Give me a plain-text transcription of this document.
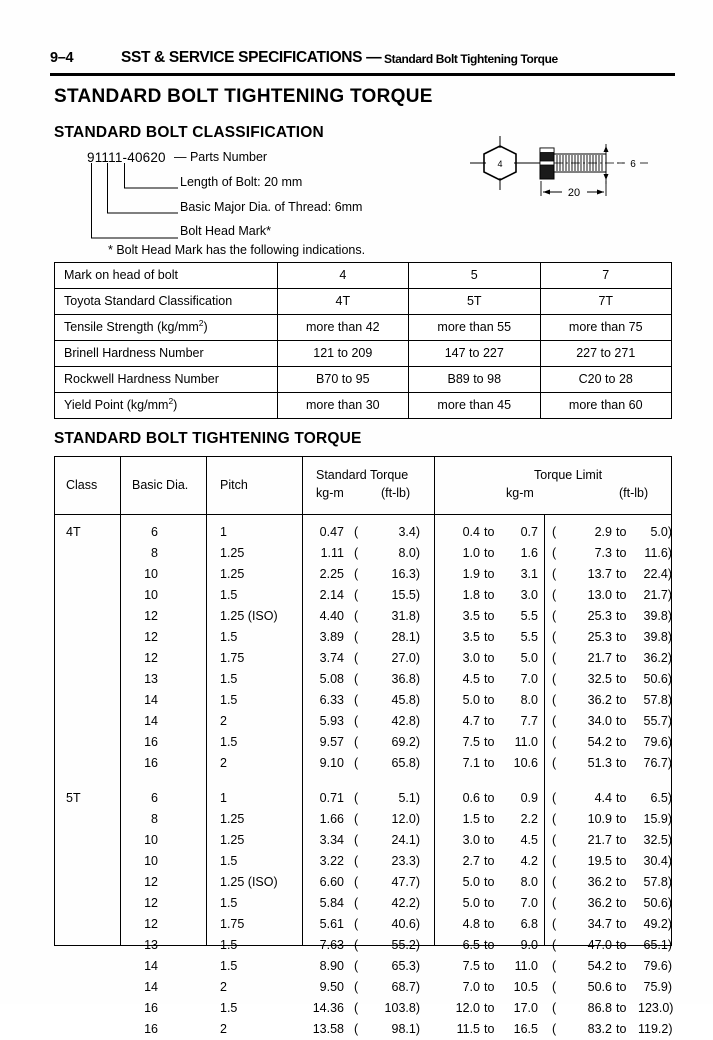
9–4	SST & SERVICE SPECIFICATIONS — Standard Bolt Tightening Torque
STANDARD BOLT TIGHTENING TORQUE
STANDARD BOLT CLASSIFICATION
91111-40620 — Parts Number
Length of Bolt: 20 mm
Basic Major Dia. of Thread: 6mm
Bolt Head Mark*
* Bolt Head Mark has the following indications.
4	6
20
Mark on head of bolt	4	5	7
Toyota Standard Classification	4T	5T	7T
Tensile Strength $(kg/mm^2)$	more than 42	more than 55	more than 75
Brinell Hardness Number	121 to 209	147 to 227	227 to 271
Rockwell Hardness Number	B70 to 95	B89 to 98	C20 to 28
Yield Point $(kg/mm^2)$	more than 30	more than 45	more than 60
STANDARD BOLT TIGHTENING TORQUE
Class	Basic Dia.	Pitch
Standard Torque
kg-m	(ft-lb)
Torque Limit
kg-m	(ft-lb)
4T	6	1	0.47 (	3.4)	0.4 to	0.7 (	2.9 to	5.0)
8	1.25	1.11 (	8.0)	1.0 to	1.6 (	7.3 to	11.6)
10	1.25	2.25 (	16.3)	1.9 to	3.1 (	13.7 to	22.4)
10	1.5	2.14 (	15.5)	1.8 to	3.0 (	13.0 to	21.7)
12	1.25 (ISO)	4.40 (	31.8)	3.5 to	5.5 (	25.3 to	39.8)
12	1.5	3.89 (	28.1)	3.5 to	5.5 (	25.3 to	39.8)
12	1.75	3.74 (	27.0)	3.0 to	5.0 (	21.7 to	36.2)
13	1.5	5.08 (	36.8)	4.5 to	7.0 (	32.5 to	50.6)
14	1.5	6.33 (	45.8)	5.0 to	8.0 (	36.2 to	57.8)
14	2	5.93 (	42.8)	4.7 to	7.7 (	34.0 to	55.7)
16	1.5	9.57 (	69.2)	7.5 to	11.0 (	54.2 to	79.6)
16	2	9.10 (	65.8)	7.1 to	10.6 (	51.3 to	76.7)
5T	6	1	0.71 (	5.1)	0.6 to	0.9 (	4.4 to	6.5)
8	1.25	1.66 (	12.0)	1.5 to	2.2 (	10.9 to	15.9)
10	1.25	3.34 (	24.1)	3.0 to	4.5 (	21.7 to	32.5)
10	1.5	3.22 (	23.3)	2.7 to	4.2 (	19.5 to	30.4)
12	1.25 (ISO)	6.60 (	47.7)	5.0 to	8.0 (	36.2 to	57.8)
12	1.5	5.84 (	42.2)	5.0 to	7.0 (	36.2 to	50.6)
12	1.75	5.61 (	40.6)	4.8 to	6.8 (	34.7 to	49.2)
13	1.5	7.63 (	55.2)	6.5 to	9.0 (	47.0 to	65.1)
14	1.5	8.90 (	65.3)	7.5 to	11.0 (	54.2 to	79.6)
14	2	9.50 (	68.7)	7.0 to	10.5 (	50.6 to	75.9)
16	1.5	14.36 (	103.8)	12.0 to	17.0 (	86.8 to 123.0)
16	2	13.58 (	98.1)	11.5 to	16.5 (	83.2 to 119.2)
